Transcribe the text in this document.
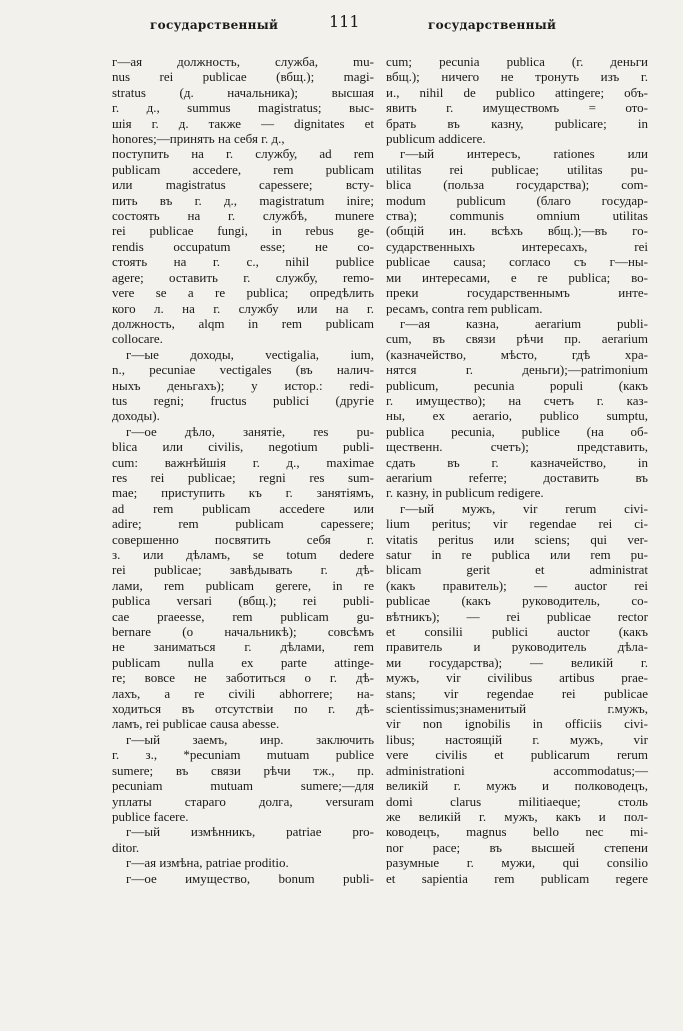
государственный	111	государственный
г—ая должность, служба, mu-
nus rei publicae (вбщ.); magi-
stratus (д. начальника); высшая
г. д., summus magistratus; выс-
шія г. д. также — dignitates et
honores;—принять на себя г. д.,
поступить на г. службу, ad rem
publicam accedere, rem publicam
или magistratus capessere; всту-
пить въ г. д., magistratum inire;
состоять на г. службѣ, munere
rei publicae fungi, in rebus ge-
rendis occupatum esse; не со-
стоять на г. с., nihil publice
agere; оставить г. службу, remo-
vere se a re publica; опредѣлить
кого л. на г. службу или на г.
должность, alqm in rem publicam
collocare.
г—ые доходы, vectigalia, ium,
n., pecuniae vectigales (въ налич-
ныхъ деньгахъ); у истор.: redi-
tus regni; fructus publici (другіе
доходы).
г—ое дѣло, занятіе, res pu-
blica или civilis, negotium publi-
cum: важнѣйшія г. д., maximae
res rei publicae; regni res sum-
mae; приступить къ г. занятіямъ,
ad rem publicam accedere или
adire; rem publicam capessere;
совершенно посвятить себя г.
з. или дѣламъ, se totum dedere
rei publicae; завѣдывать г. дѣ-
лами, rem publicam gerere, in re
publica versari (вбщ.); rei publi-
cae praeesse, rem publicam gu-
bernare (о начальникѣ); совсѣмъ
не заниматься г. дѣлами, rem
publicam nulla ex parte attinge-
re; вовсе не заботиться о г. дѣ-
лахъ, a re civili abhorrere; на-
ходиться въ отсутствіи по г. дѣ-
ламъ, rei publicae causa abesse.
г—ый заемъ, инр. заключить
г. з., *pecuniam mutuam publice
sumere; въ связи рѣчи тж., пр.
pecuniam mutuam sumere;—для
уплаты стараго долга, versuram
publice facere.
г—ый измѣнникъ, patriae pro-
ditor.
г—ая измѣна, patriae proditio.
г—ое имущество, bonum publi-
cum; pecunia publica (г. деньги
вбщ.); ничего не тронуть изъ г.
и., nihil de publico attingere; объ-
явить г. имуществомъ = ото-
брать въ казну, publicare; in
publicum addicere.
г—ый интересъ, rationes или
utilitas rei publicae; utilitas pu-
blica (польза государства); com-
modum publicum (благо государ-
ства); communis omnium utilitas
(общій ин. всѣхъ вбщ.);—въ го-
сударственныхъ интересахъ, rei
publicae causa; согласо съ г—ны-
ми интересами, e re publica; во-
преки государственнымъ инте-
ресамъ, contra rem publicam.
г—ая казна, aerarium publi-
cum, въ связи рѣчи пр. aerarium
(казначейство, мѣсто, гдѣ хра-
нятся г. деньги);—patrimonium
publicum, pecunia populi (какъ
г. имущество); на счетъ г. каз-
ны, ex aerario, publico sumptu,
publica pecunia, publice (на об-
щественн. счетъ); представить,
сдать въ г. казначейство, in
aerarium referre; доставить въ
г. казну, in publicum redigere.
г—ый мужъ, vir rerum civi-
lium peritus; vir regendae rei ci-
vitatis peritus или sciens; qui ver-
satur in re publica или rem pu-
blicam gerit et administrat
(какъ правитель); — auctor rei
publicae (какъ руководитель, со-
вѣтникъ); — rei publicae rector
et consilii publici auctor (какъ
правитель и руководитель дѣла-
ми государства); — великій г.
мужъ, vir civilibus artibus prae-
stans; vir regendae rei publicae
scientissimus;знаменитый г.мужъ,
vir non ignobilis in officiis civi-
libus; настоящій г. мужъ, vir
vere civilis et publicarum rerum
administrationi accommodatus;—
великій г. мужъ и полководецъ,
domi clarus militiaeque; столь
же великій г. мужъ, какъ и пол-
ководецъ, magnus bello nec mi-
nor pace; въ высшей степени
разумные г. мужи, qui consilio
et sapientia rem publicam regere
